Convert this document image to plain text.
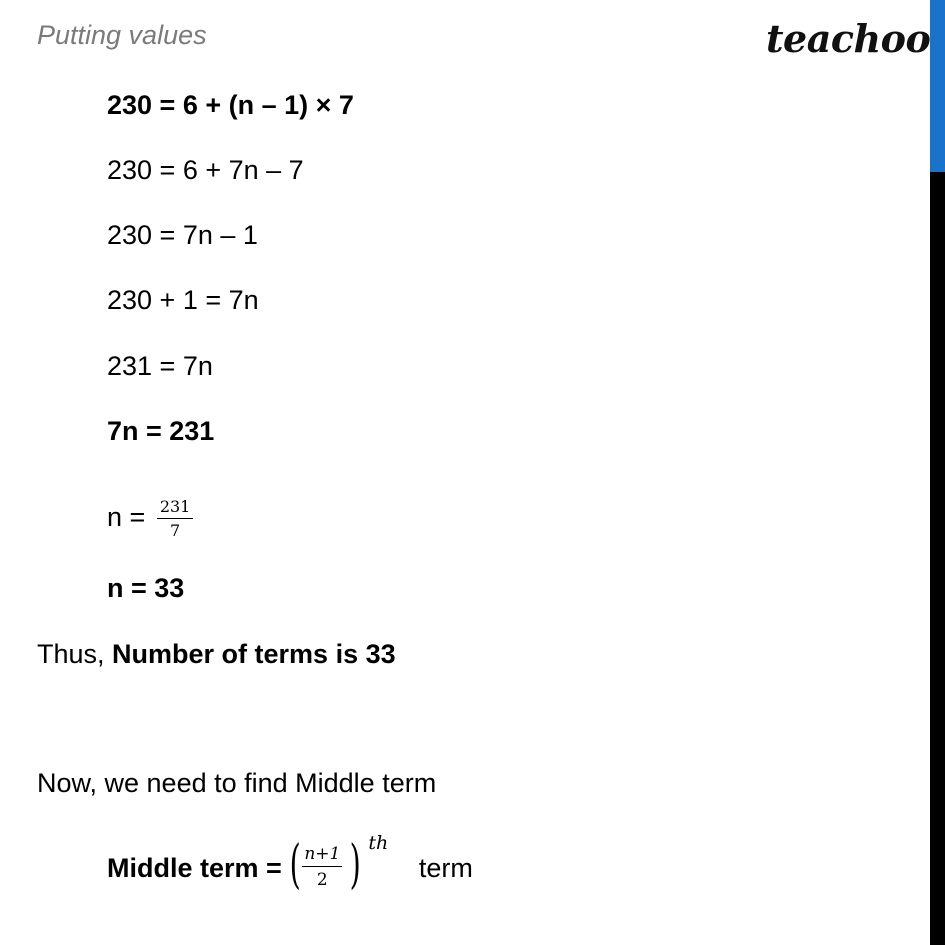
Putting values	teachoo
230 = 6 + (n – 1) × 7
230 = 6 + 7n – 7
230 = 7n – 1
230 + 1 = 7n
231 = 7n
7n = 231
$n = \frac{231}{7}$
n = 33
Thus, Number of terms is 33
Now, we need to find Middle term
Middle term = ( $\frac{n+1}{2}$ ) th
term
